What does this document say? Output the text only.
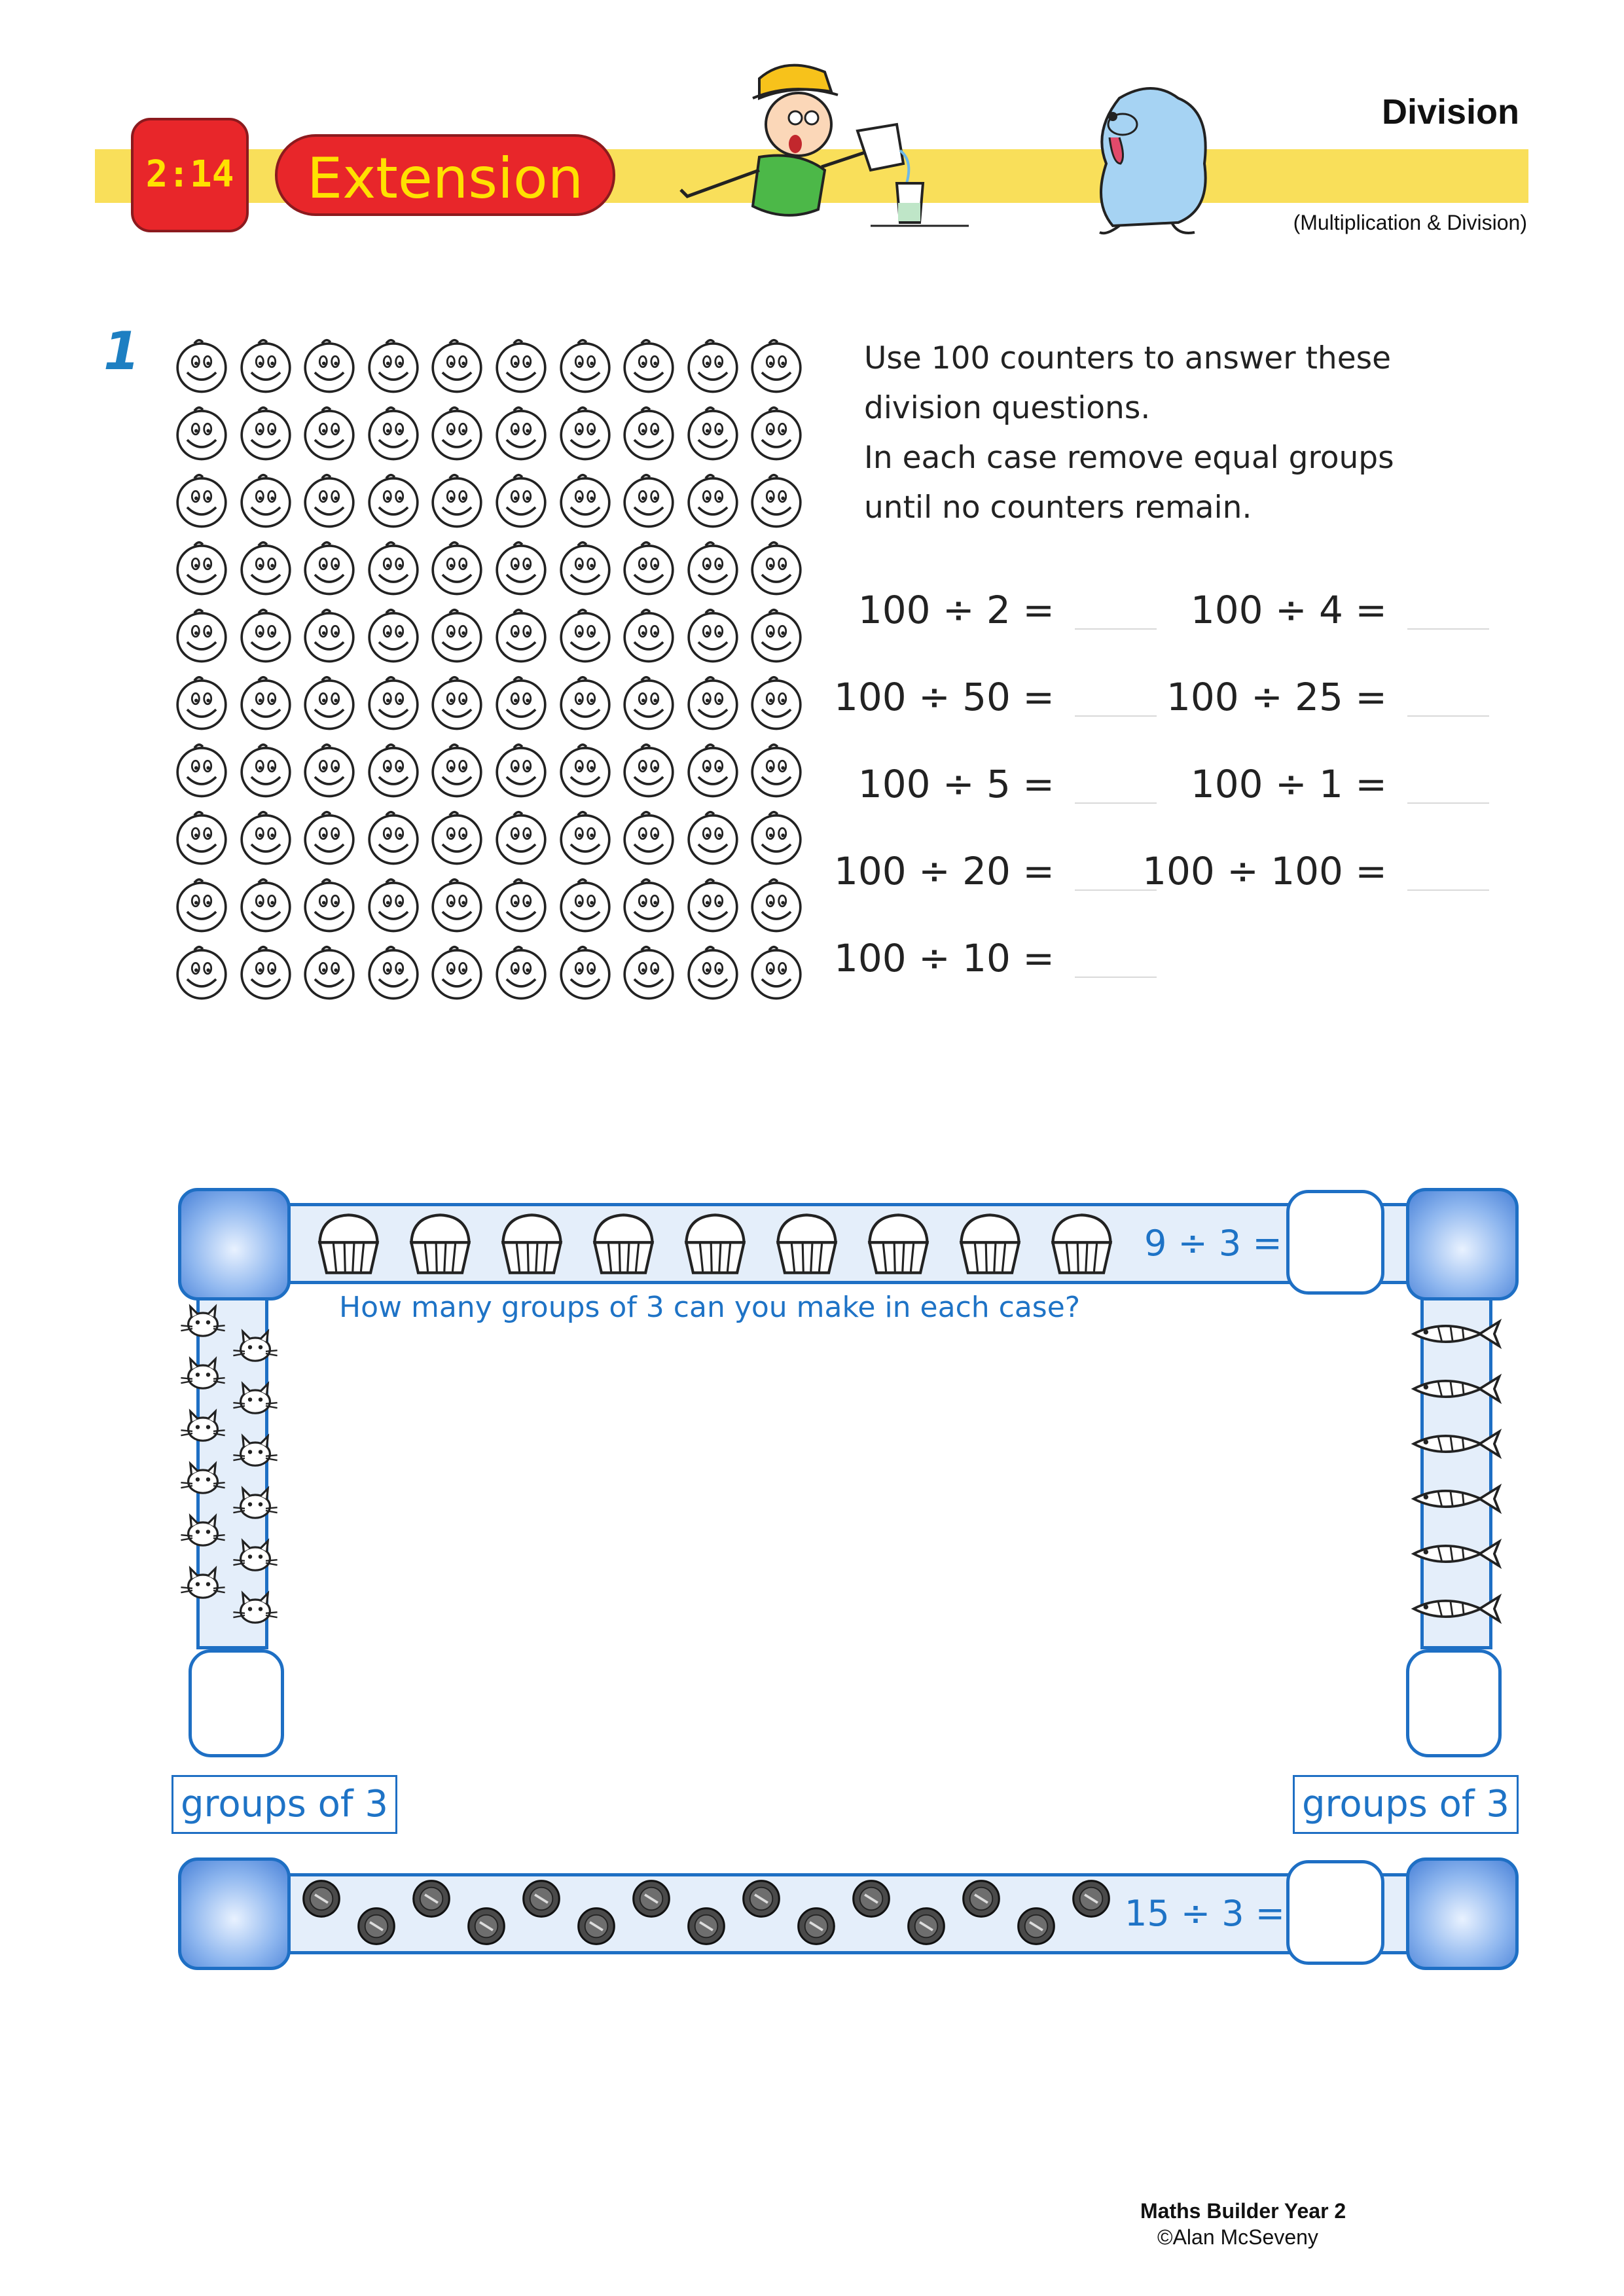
2:14	Extension
Division
(Multiplication & Division)
1	Use 100 counters to answer these
division questions.
In each case remove equal groups
until no counters remain.
100 ÷ 2 =	100 ÷ 4 =
100 ÷ 50 =	100 ÷ 25 =
100 ÷ 5 =	100 ÷ 1 =
100 ÷ 20 = 100 ÷ 100 =
100 ÷ 10 =
9 ÷ 3 =
How many groups of 3 can you make in each case?
groups of 3	groups of 3
15 ÷ 3 =
Maths Builder Year 2
©Alan McSeveny
